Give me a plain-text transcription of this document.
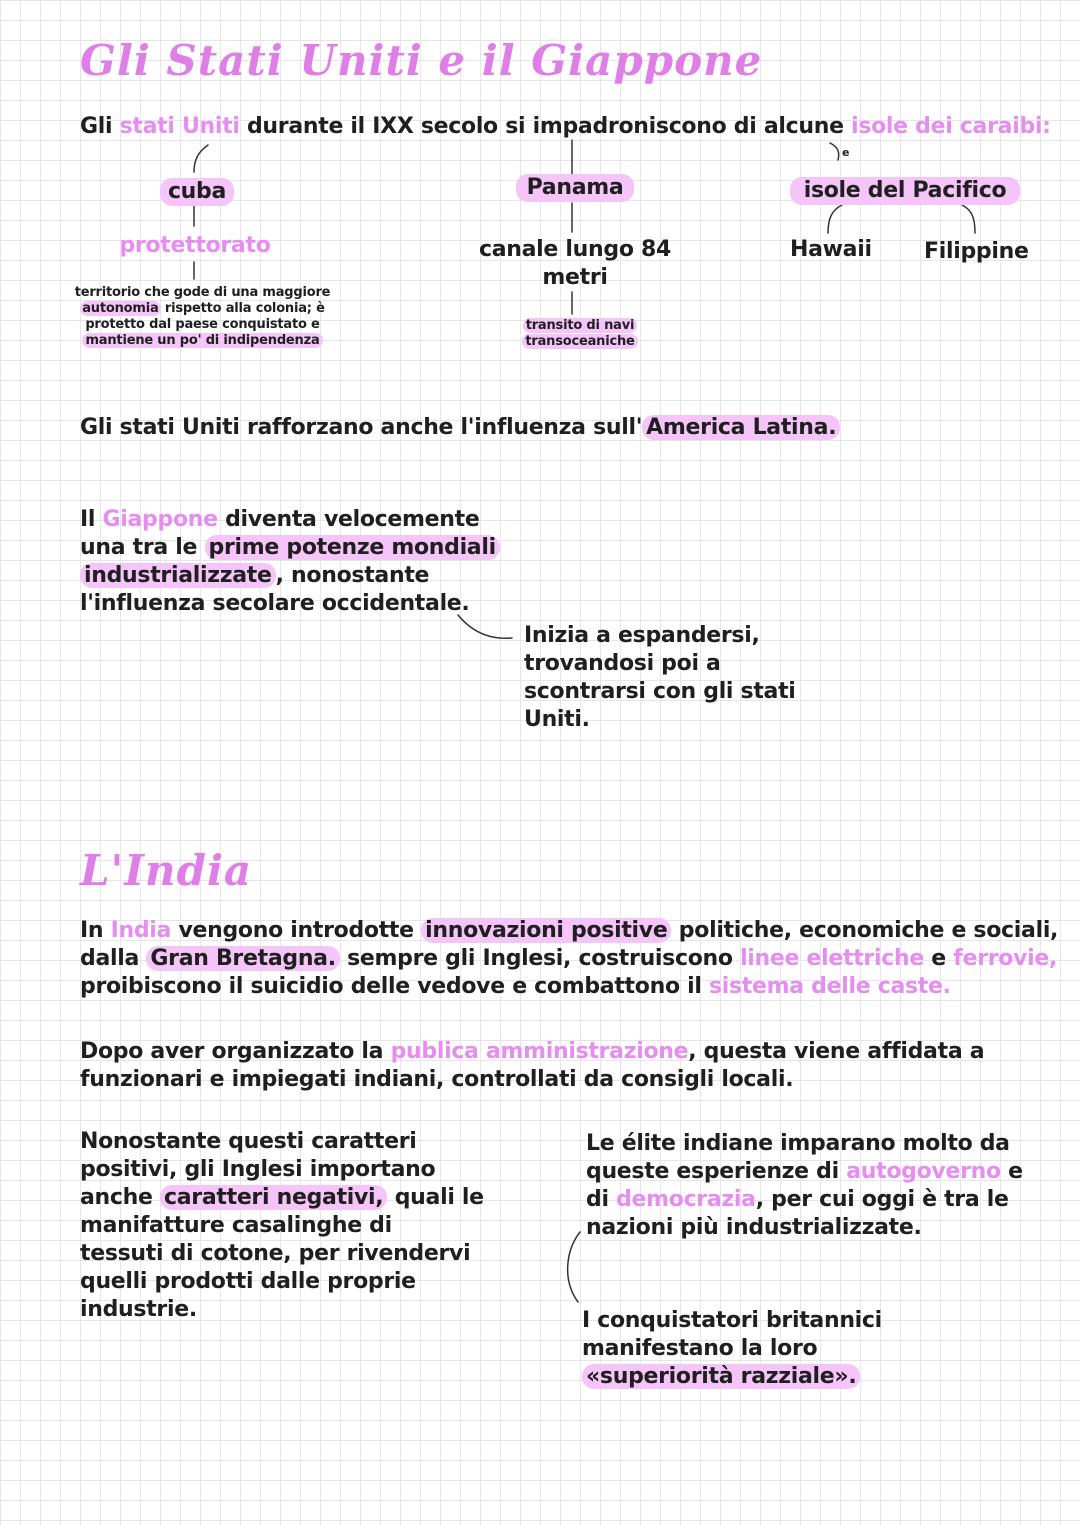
Gli Stati Uniti e il Giappone
Gli stati Uniti durante il IXX secolo si impadroniscono di alcune isole dei caraibi:
e
cuba
protettorato
territorio che gode di una maggiore
autonomia rispetto alla colonia; è
protetto dal paese conquistato e
mantiene un po' di indipendenza
Panama
canale lungo 84
metri
transito di navi
transoceaniche
isole del Pacifico
Hawaii Filippine
Gli stati Uniti rafforzano anche l'influenza sull' America Latina.
Il Giappone diventa velocemente
una tra le prime potenze mondiali
industrializzate , nonostante
l'influenza secolare occidentale.
Inizia a espandersi,
trovandosi poi a
scontrarsi con gli stati
Uniti.
L'India
In India vengono introdotte innovazioni positive politiche, economiche e sociali,
dalla Gran Bretagna. sempre gli Inglesi, costruiscono linee elettriche e ferrovie,
proibiscono il suicidio delle vedove e combattono il sistema delle caste.
Dopo aver organizzato la publica amministrazione, questa viene affidata a
funzionari e impiegati indiani, controllati da consigli locali.
Nonostante questi caratteri
positivi, gli Inglesi importano
anche caratteri negativi, quali le
manifatture casalinghe di
tessuti di cotone, per rivendervi
quelli prodotti dalle proprie
industrie.
Le élite indiane imparano molto da
queste esperienze di autogoverno e
di democrazia, per cui oggi è tra le
nazioni più industrializzate.
I conquistatori britannici
manifestano la loro
«superiorità razziale».
